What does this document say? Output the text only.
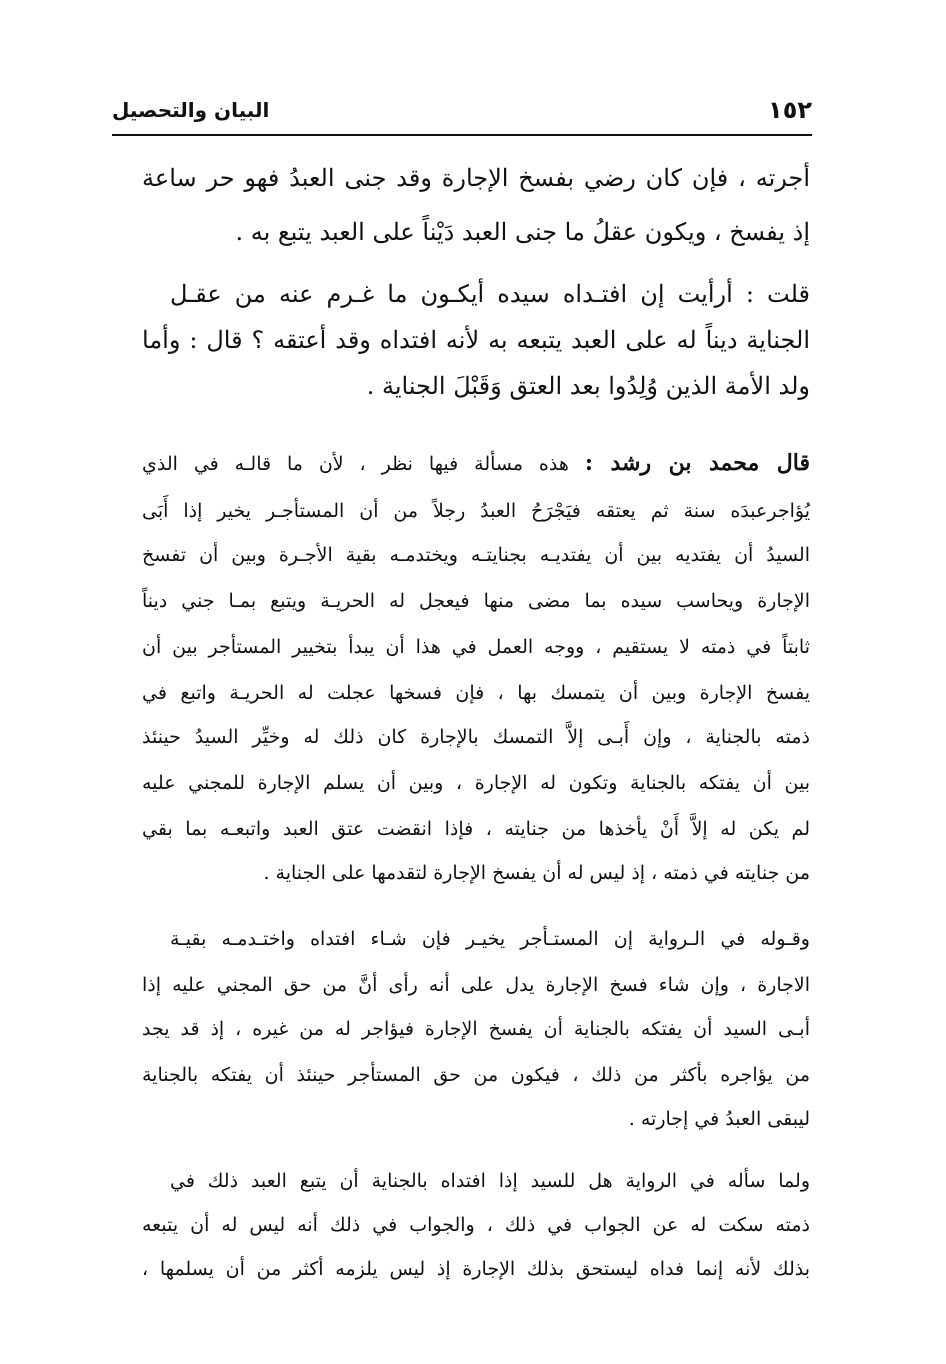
١٥٢
البيان والتحصيل
أجرته ، فإن كان رضي بفسخ الإجارة وقد جنى العبدُ فهو حر ساعة
إذ يفسخ ، ويكون عقلُ ما جنى العبد دَيْناً على العبد يتبع به .
قلت : أرأيت إن افتـداه سيده أيكـون ما غـرم عنه من عقـل
الجناية ديناً له على العبد يتبعه به لأنه افتداه وقد أعتقه ؟ قال : وأما
ولد الأمة الذين وُلِدُوا بعد العتق وَقَبْلَ الجناية .
قال محمد بن رشد : هذه مسألة فيها نظر ، لأن ما قالـه في الذي
يُؤاجرعبدَه سنة ثم يعتقه فيَجْرَحُ العبدُ رجلاً من أن المستأجـر يخير إذا أَبَى
السيدُ أن يفتديه بين أن يفتديـه بجنايتـه ويختدمـه بقية الأجـرة وبين أن تفسخ
الإجارة ويحاسب سيده بما مضى منها فيعجل له الحريـة ويتبع بمـا جني ديناً
ثابتاً في ذمته لا يستقيم ، ووجه العمل في هذا أن يبدأ بتخيير المستأجر بين أن
يفسخ الإجارة وبين أن يتمسك بها ، فإن فسخها عجلت له الحريـة واتبع في
ذمته بالجناية ، وإن أَبـى إلاَّ التمسك بالإجارة كان ذلك له وخيِّر السيدُ حينئذ
بين أن يفتكه بالجناية وتكون له الإجارة ، وبين أن يسلم الإجارة للمجني عليه
لم يكن له إلاَّ أَنْ يأخذها من جنايته ، فإذا انقضت عتق العبد واتبعـه بما بقي
من جنايته في ذمته ، إذ ليس له أن يفسخ الإجارة لتقدمها على الجناية .
وقـوله في الـرواية إن المستـأجر يخيـر فإن شـاء افتداه واختـدمـه بقيـة
الاجارة ، وإن شاء فسخ الإجارة يدل على أنه رأى أنَّ من حق المجني عليه إذا
أبـى السيد أن يفتكه بالجناية أن يفسخ الإجارة فيؤاجر له من غيره ، إذ قد يجد
من يؤاجره بأكثر من ذلك ، فيكون من حق المستأجر حينئذ أن يفتكه بالجناية
ليبقى العبدُ في إجارته .
ولما سأله في الرواية هل للسيد إذا افتداه بالجناية أن يتبع العبد ذلك في
ذمته سكت له عن الجواب في ذلك ، والجواب في ذلك أنه ليس له أن يتبعه
بذلك لأنه إنما فداه ليستحق بذلك الإجارة إذ ليس يلزمه أكثر من أن يسلمها ،
